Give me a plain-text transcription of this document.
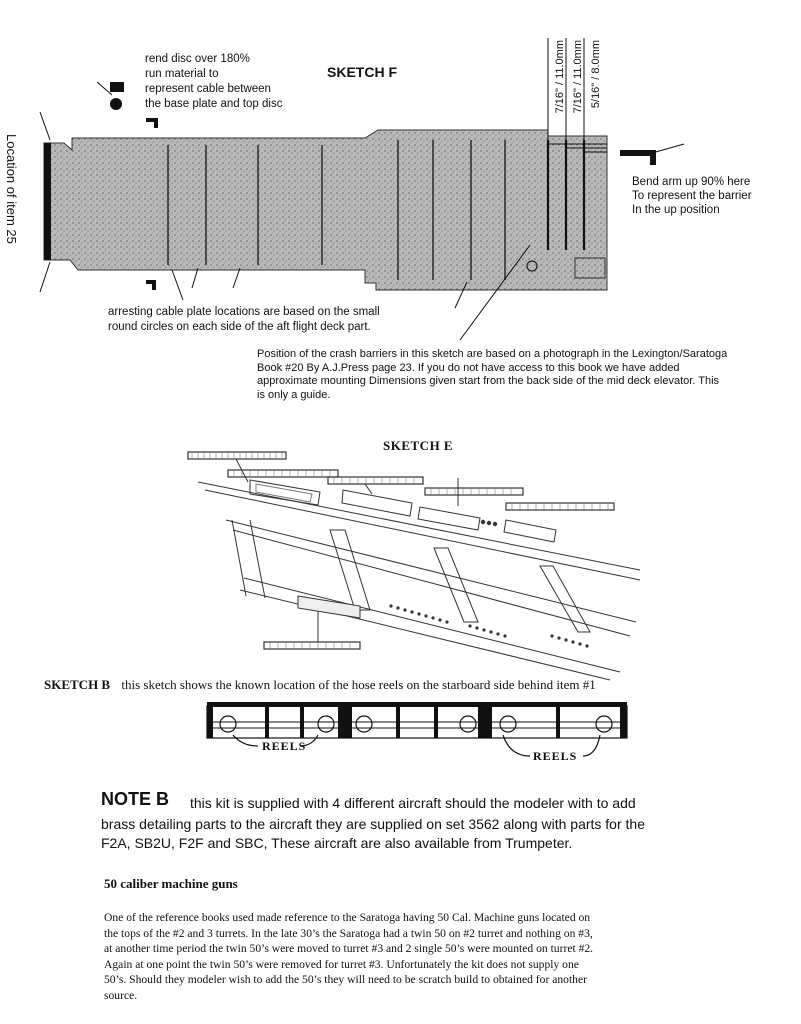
SKETCH F
rend disc over 180%
run material to
represent cable between
the base plate and top disc
Location of item 25
7/16" / 11.0mm 7/16" / 11.0mm 5/16" / 8.0mm
Bend arm up 90% here
To represent the barrier
In the up position
arresting cable plate locations are based on the small
round circles on each side of the aft flight deck part.
Position of the crash barriers in this sketch are based on a photograph in the Lexington/Saratoga
Book #20 By A.J.Press page 23. If you do not have access to this book we have added
approximate mounting Dimensions given start from the back side of the mid deck elevator. This
is only a guide.
SKETCH E
SKETCH B this sketch shows the known location of the hose reels on the starboard side behind item #1
REELS
REELS
NOTE B this kit is supplied with 4 different aircraft should the modeler with to add
brass detailing parts to the aircraft they are supplied on set 3562 along with parts for the
F2A, SB2U, F2F and SBC, These aircraft are also available from Trumpeter.
50 caliber machine guns
One of the reference books used made reference to the Saratoga having 50 Cal. Machine guns located on
the tops of the #2 and 3 turrets. In the late 30’s the Saratoga had a twin 50 on #2 turret and nothing on #3,
at another time period the twin 50’s were moved to turret #3 and 2 single 50’s were mounted on turret #2.
Again at one point the twin 50’s were removed for turret #3. Unfortunately the kit does not supply one
50’s. Should they modeler wish to add the 50’s they will need to be scratch build to obtained for another
source.
